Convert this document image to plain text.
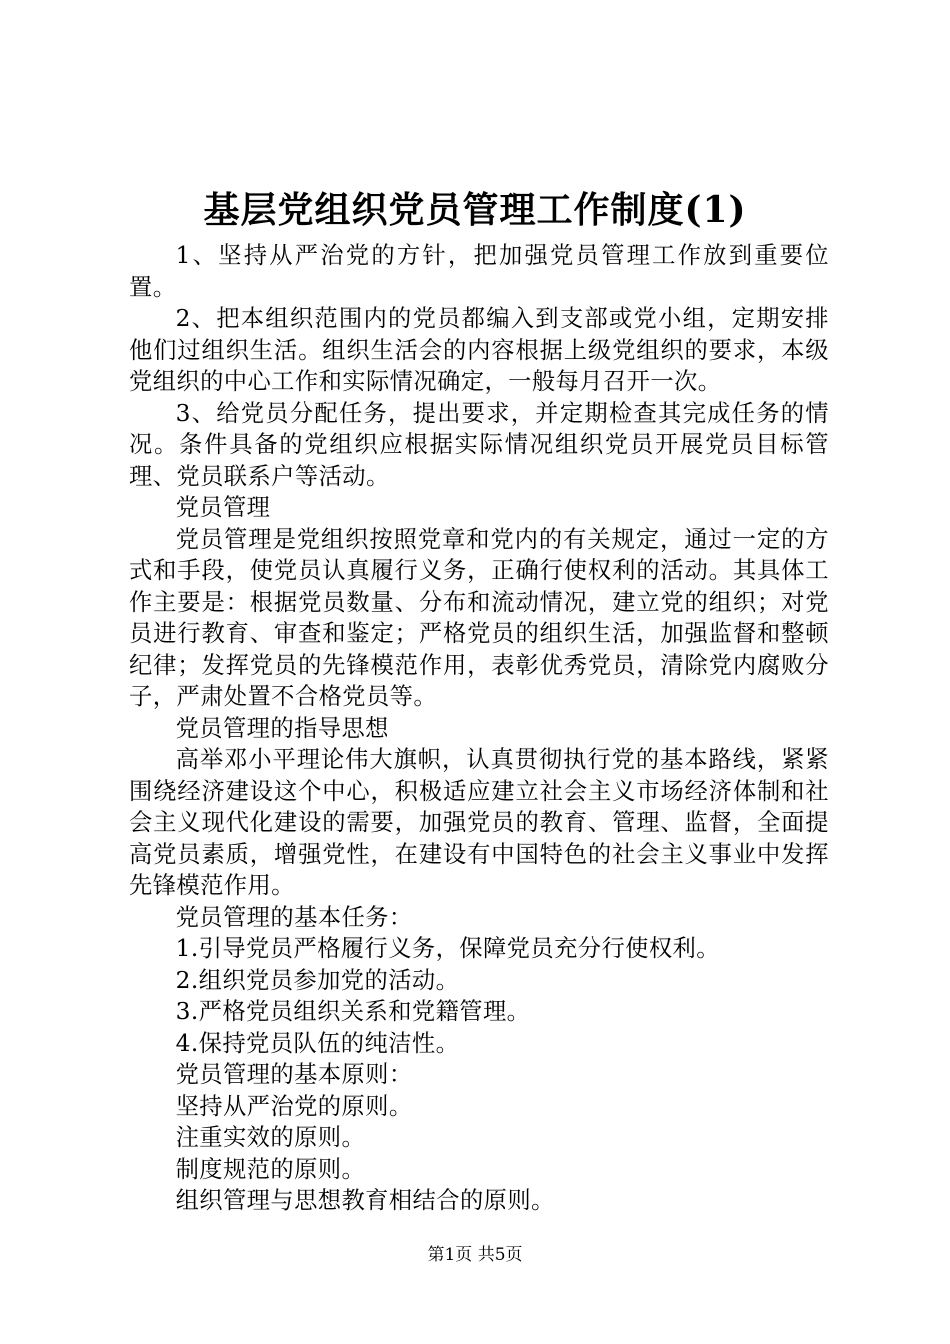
基层党组织党员管理工作制度(1)

1、坚持从严治党的方针，把加强党员管理工作放到重要位置。

2、把本组织范围内的党员都编入到支部或党小组，定期安排他们过组织生活。组织生活会的内容根据上级党组织的要求，本级党组织的中心工作和实际情况确定，一般每月召开一次。

3、给党员分配任务，提出要求，并定期检查其完成任务的情况。条件具备的党组织应根据实际情况组织党员开展党员目标管理、党员联系户等活动。

党员管理

党员管理是党组织按照党章和党内的有关规定，通过一定的方式和手段，使党员认真履行义务，正确行使权利的活动。其具体工作主要是：根据党员数量、分布和流动情况，建立党的组织；对党员进行教育、审查和鉴定；严格党员的组织生活，加强监督和整顿纪律；发挥党员的先锋模范作用，表彰优秀党员，清除党内腐败分子，严肃处置不合格党员等。

党员管理的指导思想

高举邓小平理论伟大旗帜，认真贯彻执行党的基本路线，紧紧围绕经济建设这个中心，积极适应建立社会主义市场经济体制和社会主义现代化建设的需要，加强党员的教育、管理、监督，全面提高党员素质，增强党性，在建设有中国特色的社会主义事业中发挥先锋模范作用。

党员管理的基本任务：

1.引导党员严格履行义务，保障党员充分行使权利。

2.组织党员参加党的活动。

3.严格党员组织关系和党籍管理。

4.保持党员队伍的纯洁性。

党员管理的基本原则：

坚持从严治党的原则。

注重实效的原则。

制度规范的原则。

组织管理与思想教育相结合的原则。

第1页 共5页
